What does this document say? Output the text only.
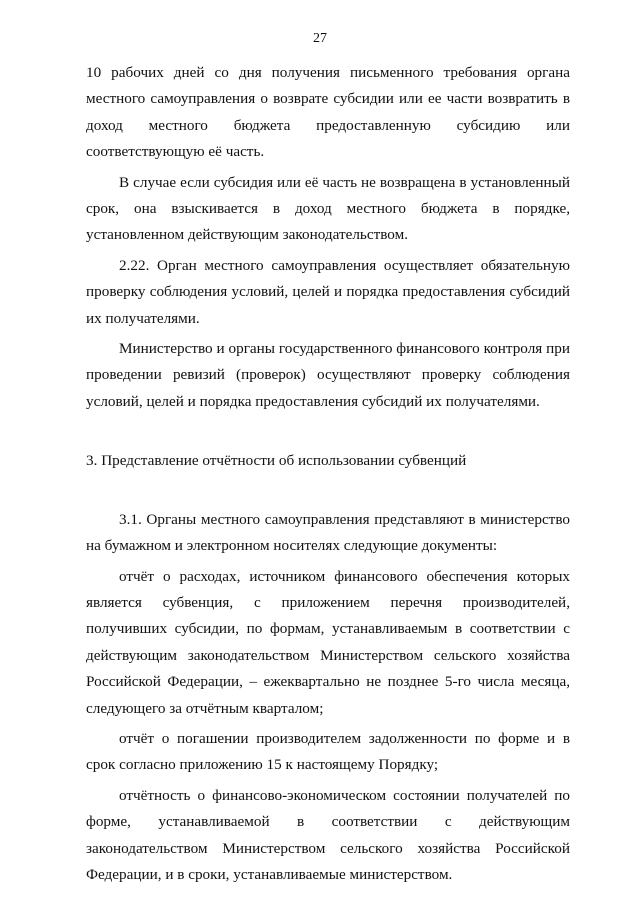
27

10 рабочих дней со дня получения письменного требования органа местного самоуправления о возврате субсидии или ее части возвратить в доход местного бюджета предоставленную субсидию или соответствующую её часть.

В случае если субсидия или её часть не возвращена в установленный срок, она взыскивается в доход местного бюджета в порядке, установленном действующим законодательством.

2.22. Орган местного самоуправления осуществляет обязательную проверку соблюдения условий, целей и порядка предоставления субсидий их получателями.

Министерство и органы государственного финансового контроля при проведении ревизий (проверок) осуществляют проверку соблюдения условий, целей и порядка предоставления субсидий их получателями.

3. Представление отчётности об использовании субвенций

3.1. Органы местного самоуправления представляют в министерство на бумажном и электронном носителях следующие документы:

отчёт о расходах, источником финансового обеспечения которых является субвенция, с приложением перечня производителей, получивших субсидии, по формам, устанавливаемым в соответствии с действующим законодательством Министерством сельского хозяйства Российской Федерации, – ежеквартально не позднее 5-го числа месяца, следующего за отчётным кварталом;

отчёт о погашении производителем задолженности по форме и в срок согласно приложению 15 к настоящему Порядку;

отчётность о финансово-экономическом состоянии получателей по форме, устанавливаемой в соответствии с действующим законодательством Министерством сельского хозяйства Российской Федерации, и в сроки, устанавливаемые министерством.
